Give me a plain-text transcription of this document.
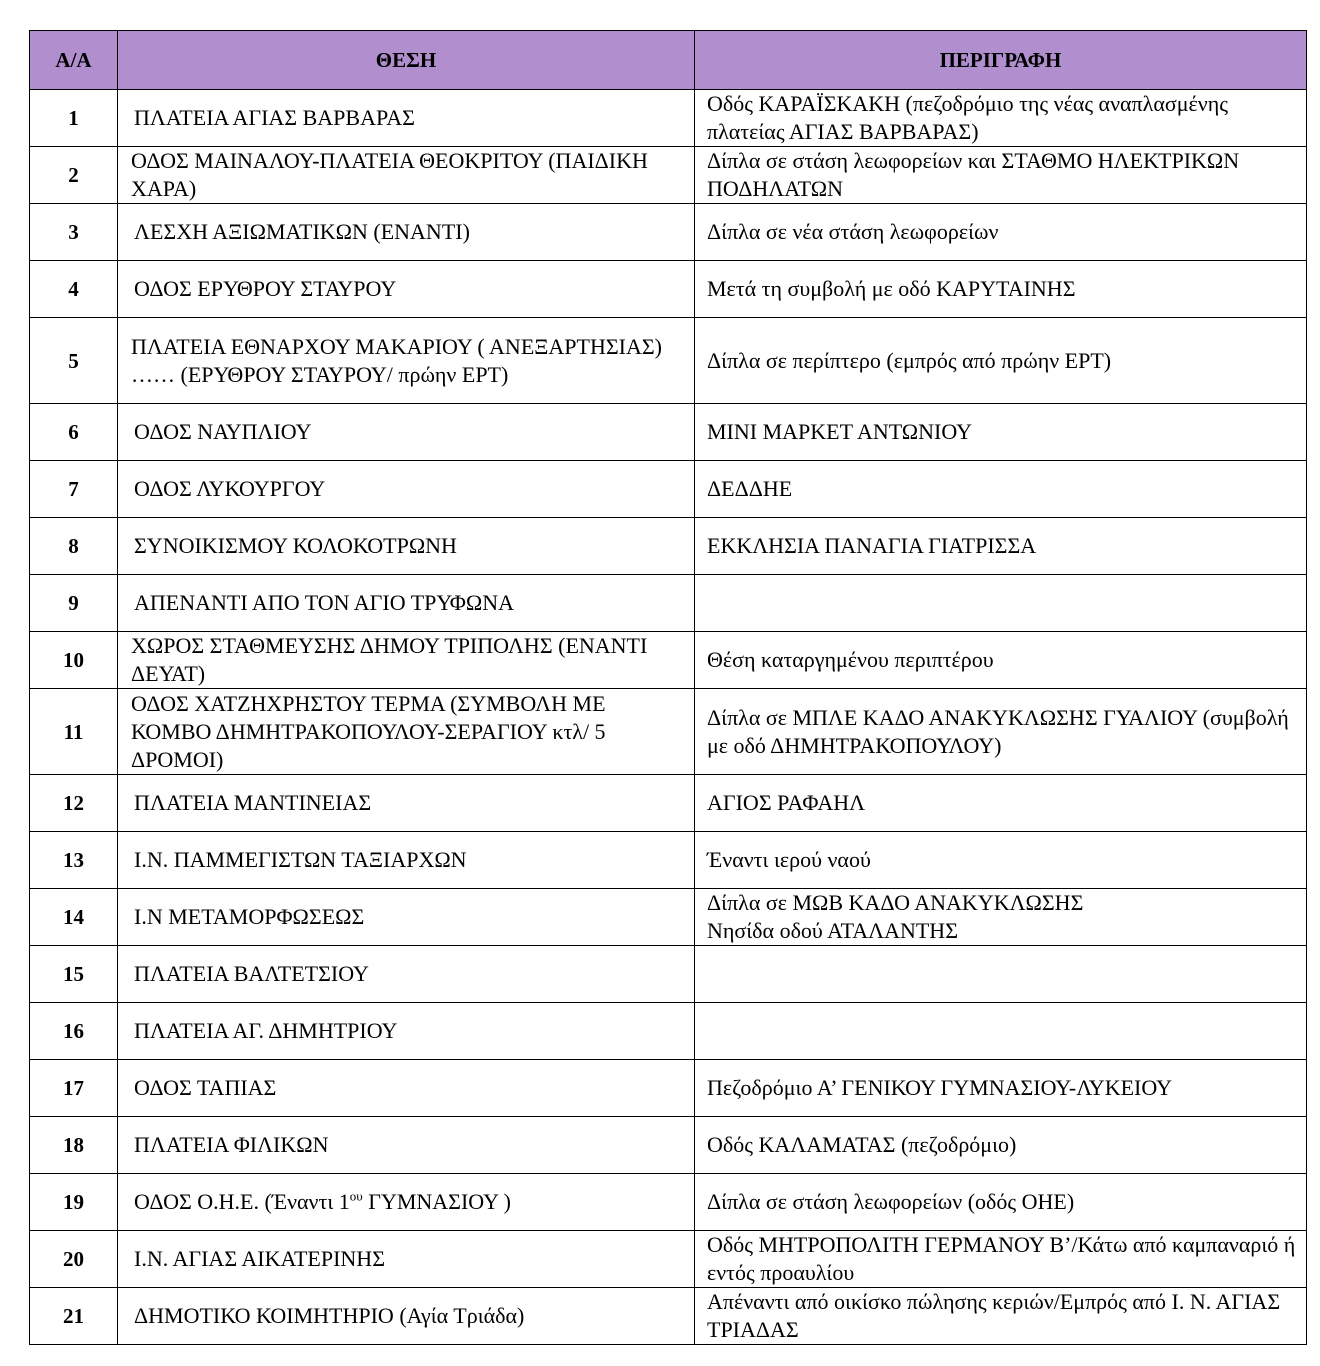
Α/Α	ΘΕΣΗ	ΠΕΡΙΓΡΑΦΗ
1	ΠΛΑΤΕΙΑ ΑΓΙΑΣ ΒΑΡΒΑΡΑΣ	Οδός ΚΑΡΑΪΣΚΑΚΗ (πεζοδρόμιο της νέας αναπλασμένης πλατείας ΑΓΙΑΣ ΒΑΡΒΑΡΑΣ)
2	ΟΔΟΣ ΜΑΙΝΑΛΟΥ-ΠΛΑΤΕΙΑ ΘΕΟΚΡΙΤΟΥ (ΠΑΙΔΙΚΗ ΧΑΡΑ)	Δίπλα σε στάση λεωφορείων και ΣΤΑΘΜΟ ΗΛΕΚΤΡΙΚΩΝ ΠΟΔΗΛΑΤΩΝ
3	ΛΕΣΧΗ ΑΞΙΩΜΑΤΙΚΩΝ (ΕΝΑΝΤΙ)	Δίπλα σε νέα στάση λεωφορείων
4	ΟΔΟΣ ΕΡΥΘΡΟΥ ΣΤΑΥΡΟΥ	Μετά τη συμβολή με οδό ΚΑΡΥΤΑΙΝΗΣ
5	ΠΛΑΤΕΙΑ ΕΘΝΑΡΧΟΥ ΜΑΚΑΡΙΟΥ ( ΑΝΕΞΑΡΤΗΣΙΑΣ) …… (ΕΡΥΘΡΟΥ ΣΤΑΥΡΟΥ/ πρώην ΕΡΤ)	Δίπλα σε περίπτερο (εμπρός από πρώην ΕΡΤ)
6	ΟΔΟΣ ΝΑΥΠΛΙΟΥ	ΜΙΝΙ ΜΑΡΚΕΤ ΑΝΤΩΝΙΟΥ
7	ΟΔΟΣ ΛΥΚΟΥΡΓΟΥ	ΔΕΔΔΗΕ
8	ΣΥΝΟΙΚΙΣΜΟΥ ΚΟΛΟΚΟΤΡΩΝΗ	ΕΚΚΛΗΣΙΑ ΠΑΝΑΓΙΑ ΓΙΑΤΡΙΣΣΑ
9	ΑΠΕΝΑΝΤΙ ΑΠΟ ΤΟΝ ΑΓΙΟ ΤΡΥΦΩΝΑ	
10	ΧΩΡΟΣ ΣΤΑΘΜΕΥΣΗΣ ΔΗΜΟΥ ΤΡΙΠΟΛΗΣ (ΕΝΑΝΤΙ ΔΕΥΑΤ)	Θέση καταργημένου περιπτέρου
11	ΟΔΟΣ ΧΑΤΖΗΧΡΗΣΤΟΥ ΤΕΡΜΑ (ΣΥΜΒΟΛΗ ΜΕ ΚΟΜΒΟ ΔΗΜΗΤΡΑΚΟΠΟΥΛΟΥ-ΣΕΡΑΓΙΟΥ κτλ/ 5 ΔΡΟΜΟΙ)	Δίπλα σε ΜΠΛΕ ΚΑΔΟ ΑΝΑΚΥΚΛΩΣΗΣ ΓΥΑΛΙΟΥ (συμβολή με οδό ΔΗΜΗΤΡΑΚΟΠΟΥΛΟΥ)
12	ΠΛΑΤΕΙΑ ΜΑΝΤΙΝΕΙΑΣ	ΑΓΙΟΣ ΡΑΦΑΗΛ
13	Ι.Ν. ΠΑΜΜΕΓΙΣΤΩΝ ΤΑΞΙΑΡΧΩΝ	Έναντι ιερού ναού
14	Ι.Ν ΜΕΤΑΜΟΡΦΩΣΕΩΣ	Δίπλα σε ΜΩΒ ΚΑΔΟ ΑΝΑΚΥΚΛΩΣΗΣ
Νησίδα οδού ΑΤΑΛΑΝΤΗΣ
15	ΠΛΑΤΕΙΑ ΒΑΛΤΕΤΣΙΟΥ	
16	ΠΛΑΤΕΙΑ ΑΓ. ΔΗΜΗΤΡΙΟΥ	
17	ΟΔΟΣ ΤΑΠΙΑΣ	Πεζοδρόμιο Α’ ΓΕΝΙΚΟΥ ΓΥΜΝΑΣΙΟΥ-ΛΥΚΕΙΟΥ
18	ΠΛΑΤΕΙΑ ΦΙΛΙΚΩΝ	Οδός ΚΑΛΑΜΑΤΑΣ (πεζοδρόμιο)
19	ΟΔΟΣ Ο.Η.Ε. (Έναντι $1^{o\upsilon}$ ΓΥΜΝΑΣΙΟΥ )	Δίπλα σε στάση λεωφορείων (οδός ΟΗΕ)
20	Ι.Ν. ΑΓΙΑΣ ΑΙΚΑΤΕΡΙΝΗΣ	Οδός ΜΗΤΡΟΠΟΛΙΤΗ ΓΕΡΜΑΝΟΥ Β’/Κάτω από καμπαναριό ή εντός προαυλίου
21	ΔΗΜΟΤΙΚΟ ΚΟΙΜΗΤΗΡΙΟ (Αγία Τριάδα)	Απέναντι από οικίσκο πώλησης κεριών/Εμπρός από Ι. Ν. ΑΓΙΑΣ ΤΡΙΑΔΑΣ
